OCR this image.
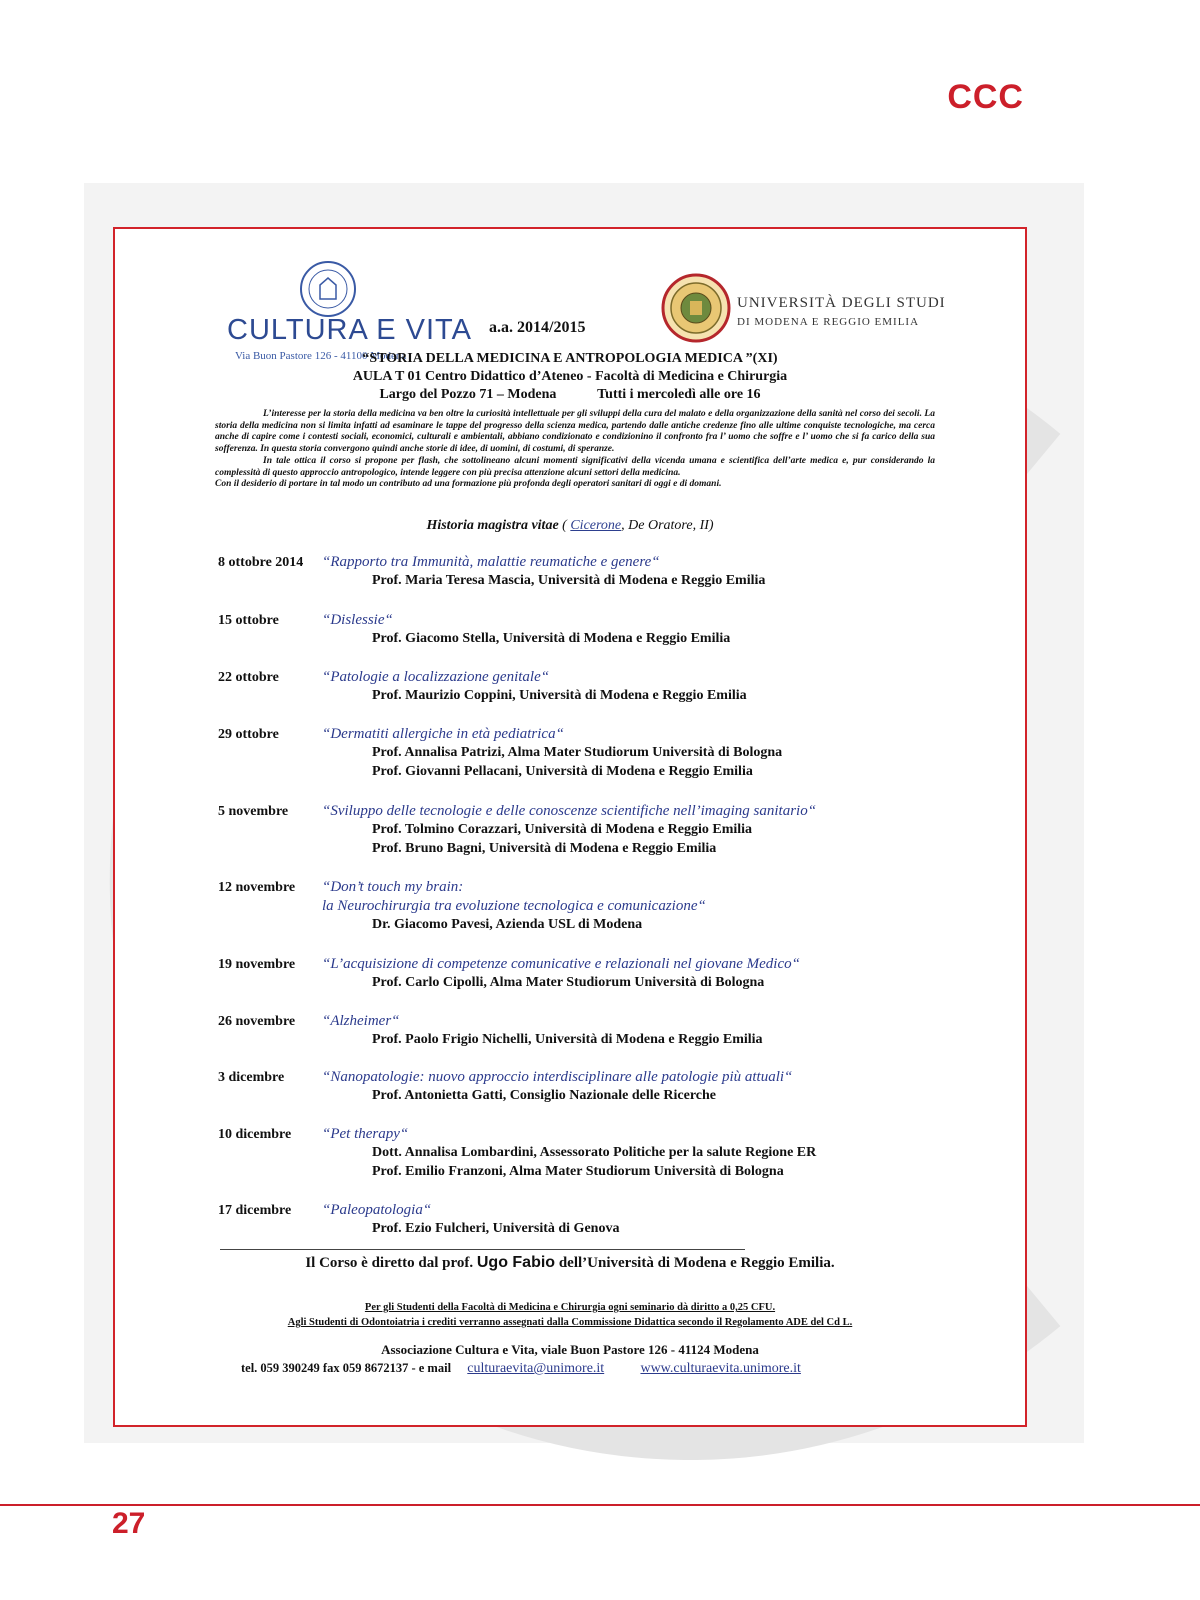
CCC
CULTURA E VITA
Via Buon Pastore 126 - 41100 Modena
a.a. 2014/2015
UNIVERSITÀ DEGLI STUDI
DI MODENA E REGGIO EMILIA
“STORIA DELLA MEDICINA E ANTROPOLOGIA MEDICA ”(XI)
AULA T 01 Centro Didattico d’Ateneo - Facoltà di Medicina e Chirurgia
Largo del Pozzo 71 – Modena	Tutti i mercoledì alle ore 16

L’interesse per la storia della medicina va ben oltre la curiosità intellettuale per gli sviluppi della cura del malato e della organizzazione della sanità nel corso dei secoli. La storia della medicina non si limita infatti ad esaminare le tappe del progresso della scienza medica, partendo dalle antiche credenze fino alle ultime conquiste tecnologiche, ma cerca anche di capire come i contesti sociali, economici, culturali e ambientali, abbiano condizionato e condizionino il confronto fra l’ uomo che soffre e l’ uomo che si fa carico della sua sofferenza. In questa storia convergono quindi anche storie di idee, di uomini, di costumi, di speranze.

In tale ottica il corso si propone per flash, che sottolineano alcuni momenti significativi della vicenda umana e scientifica dell’arte medica e, pur considerando la complessità di questo approccio antropologico, intende leggere con più precisa attenzione alcuni settori della medicina.

Con il desiderio di portare in tal modo un contributo ad una formazione più profonda degli operatori sanitari di oggi e di domani.

Historia magistra vitae ( Cicerone, De Oratore, II)
8 ottobre 2014 “Rapporto tra Immunità, malattie reumatiche e genere“
Prof. Maria Teresa Mascia, Università di Modena e Reggio Emilia
15 ottobre	“Dislessie“
Prof. Giacomo Stella, Università di Modena e Reggio Emilia
22 ottobre	“Patologie a localizzazione genitale“
Prof. Maurizio Coppini, Università di Modena e Reggio Emilia
29 ottobre	“Dermatiti allergiche in età pediatrica“
Prof. Annalisa Patrizi, Alma Mater Studiorum Università di Bologna
Prof. Giovanni Pellacani, Università di Modena e Reggio Emilia
5 novembre “Sviluppo delle tecnologie e delle conoscenze scientifiche nell’imaging sanitario“
Prof. Tolmino Corazzari, Università di Modena e Reggio Emilia
Prof. Bruno Bagni, Università di Modena e Reggio Emilia
12 novembre “Don’t touch my brain:
la Neurochirurgia tra evoluzione tecnologica e comunicazione“
Dr. Giacomo Pavesi, Azienda USL di Modena
19 novembre “L’acquisizione di competenze comunicative e relazionali nel giovane Medico“
Prof. Carlo Cipolli, Alma Mater Studiorum Università di Bologna
26 novembre “Alzheimer“
Prof. Paolo Frigio Nichelli, Università di Modena e Reggio Emilia
3 dicembre	“Nanopatologie: nuovo approccio interdisciplinare alle patologie più attuali“
Prof. Antonietta Gatti, Consiglio Nazionale delle Ricerche
10 dicembre “Pet therapy“
Dott. Annalisa Lombardini, Assessorato Politiche per la salute Regione ER
Prof. Emilio Franzoni, Alma Mater Studiorum Università di Bologna
17 dicembre “Paleopatologia“
Prof. Ezio Fulcheri, Università di Genova
Il Corso è diretto dal prof. Ugo Fabio dell’Università di Modena e Reggio Emilia.
Per gli Studenti della Facoltà di Medicina e Chirurgia ogni seminario dà diritto a 0,25 CFU.
Agli Studenti di Odontoiatria i crediti verranno assegnati dalla Commissione Didattica secondo il Regolamento ADE del Cd L.
Associazione Cultura e Vita, viale Buon Pastore 126 - 41124 Modena
tel. 059 390249 fax 059 8672137 - e mail culturaevita@unimore.it	www.culturaevita.unimore.it
27
